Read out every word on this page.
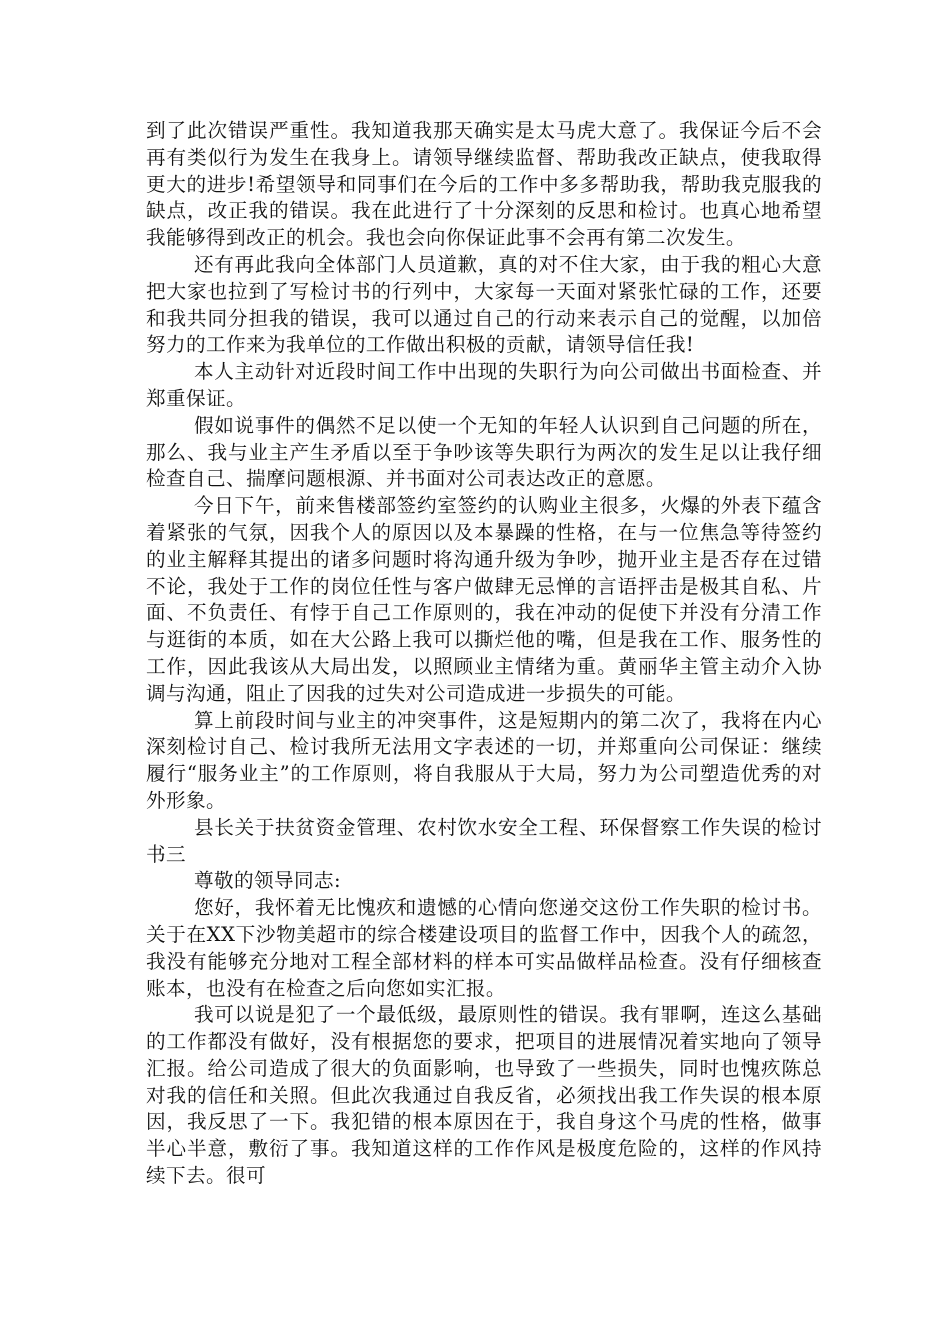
到了此次错误严重性。我知道我那天确实是太马虎大意了。我保证今后不会再有类似行为发生在我身上。请领导继续监督、帮助我改正缺点，使我取得更大的进步!希望领导和同事们在今后的工作中多多帮助我，帮助我克服我的缺点，改正我的错误。我在此进行了十分深刻的反思和检讨。也真心地希望我能够得到改正的机会。我也会向你保证此事不会再有第二次发生。

还有再此我向全体部门人员道歉，真的对不住大家，由于我的粗心大意把大家也拉到了写检讨书的行列中，大家每一天面对紧张忙碌的工作，还要和我共同分担我的错误，我可以通过自己的行动来表示自己的觉醒，以加倍努力的工作来为我单位的工作做出积极的贡献，请领导信任我!

本人主动针对近段时间工作中出现的失职行为向公司做出书面检查、并郑重保证。

假如说事件的偶然不足以使一个无知的年轻人认识到自己问题的所在，那么、我与业主产生矛盾以至于争吵该等失职行为两次的发生足以让我仔细检查自己、揣摩问题根源、并书面对公司表达改正的意愿。

今日下午，前来售楼部签约室签约的认购业主很多，火爆的外表下蕴含着紧张的气氛，因我个人的原因以及本暴躁的性格，在与一位焦急等待签约的业主解释其提出的诸多问题时将沟通升级为争吵，抛开业主是否存在过错不论，我处于工作的岗位任性与客户做肆无忌惮的言语抨击是极其自私、片面、不负责任、有悖于自己工作原则的，我在冲动的促使下并没有分清工作与逛街的本质，如在大公路上我可以撕烂他的嘴，但是我在工作、服务性的工作，因此我该从大局出发，以照顾业主情绪为重。黄丽华主管主动介入协调与沟通，阻止了因我的过失对公司造成进一步损失的可能。

算上前段时间与业主的冲突事件，这是短期内的第二次了，我将在内心深刻检讨自己、检讨我所无法用文字表述的一切，并郑重向公司保证：继续履行“服务业主”的工作原则，将自我服从于大局，努力为公司塑造优秀的对外形象。

县长关于扶贫资金管理、农村饮水安全工程、环保督察工作失误的检讨书三

尊敬的领导同志:

您好，我怀着无比愧疚和遗憾的心情向您递交这份工作失职的检讨书。关于在XX下沙物美超市的综合楼建设项目的监督工作中，因我个人的疏忽，我没有能够充分地对工程全部材料的样本可实品做样品检查。没有仔细核查账本，也没有在检查之后向您如实汇报。

我可以说是犯了一个最低级，最原则性的错误。我有罪啊，连这么基础的工作都没有做好，没有根据您的要求，把项目的进展情况着实地向了领导汇报。给公司造成了很大的负面影响，也导致了一些损失，同时也愧疚陈总对我的信任和关照。但此次我通过自我反省，必须找出我工作失误的根本原因，我反思了一下。我犯错的根本原因在于，我自身这个马虎的性格，做事半心半意，敷衍了事。我知道这样的工作作风是极度危险的，这样的作风持续下去。很可
